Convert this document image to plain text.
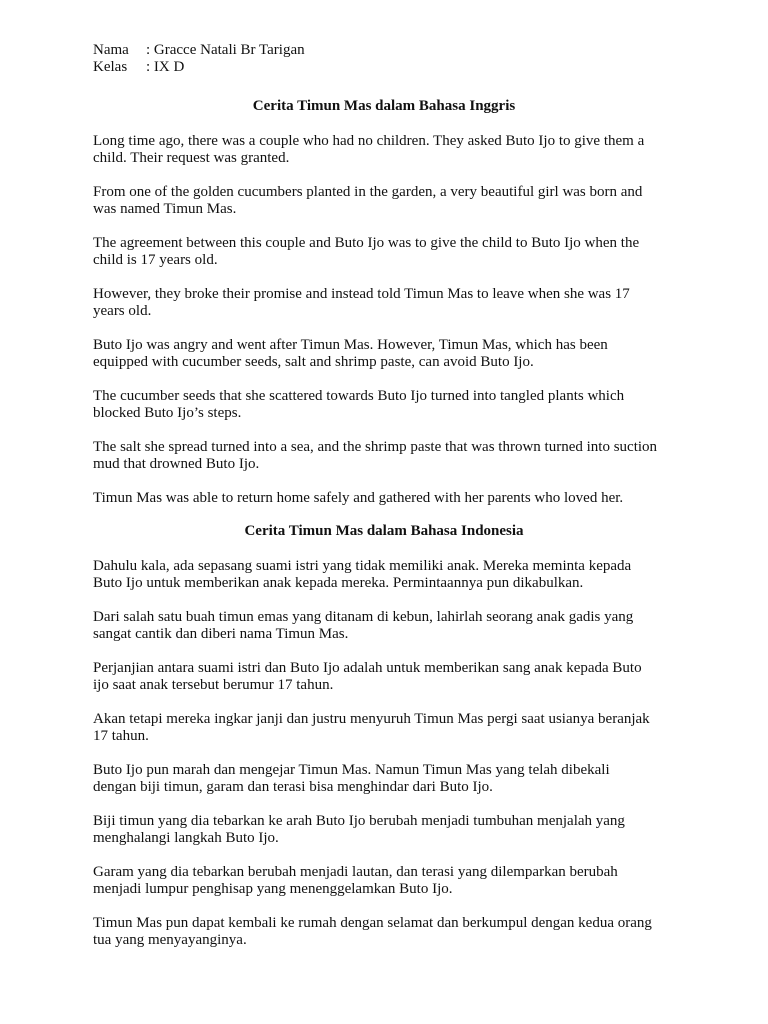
Nama	: Gracce Natali Br Tarigan
Kelas	: IX D
Cerita Timun Mas dalam Bahasa Inggris

Long time ago, there was a couple who had no children. They asked Buto Ijo to give them a
child. Their request was granted.

From one of the golden cucumbers planted in the garden, a very beautiful girl was born and
was named Timun Mas.

The agreement between this couple and Buto Ijo was to give the child to Buto Ijo when the
child is 17 years old.

However, they broke their promise and instead told Timun Mas to leave when she was 17
years old.

Buto Ijo was angry and went after Timun Mas. However, Timun Mas, which has been
equipped with cucumber seeds, salt and shrimp paste, can avoid Buto Ijo.

The cucumber seeds that she scattered towards Buto Ijo turned into tangled plants which
blocked Buto Ijo’s steps.

The salt she spread turned into a sea, and the shrimp paste that was thrown turned into suction
mud that drowned Buto Ijo.

Timun Mas was able to return home safely and gathered with her parents who loved her.

Cerita Timun Mas dalam Bahasa Indonesia

Dahulu kala, ada sepasang suami istri yang tidak memiliki anak. Mereka meminta kepada
Buto Ijo untuk memberikan anak kepada mereka. Permintaannya pun dikabulkan.

Dari salah satu buah timun emas yang ditanam di kebun, lahirlah seorang anak gadis yang
sangat cantik dan diberi nama Timun Mas.

Perjanjian antara suami istri dan Buto Ijo adalah untuk memberikan sang anak kepada Buto
ijo saat anak tersebut berumur 17 tahun.

Akan tetapi mereka ingkar janji dan justru menyuruh Timun Mas pergi saat usianya beranjak
17 tahun.

Buto Ijo pun marah dan mengejar Timun Mas. Namun Timun Mas yang telah dibekali
dengan biji timun, garam dan terasi bisa menghindar dari Buto Ijo.

Biji timun yang dia tebarkan ke arah Buto Ijo berubah menjadi tumbuhan menjalah yang
menghalangi langkah Buto Ijo.

Garam yang dia tebarkan berubah menjadi lautan, dan terasi yang dilemparkan berubah
menjadi lumpur penghisap yang menenggelamkan Buto Ijo.

Timun Mas pun dapat kembali ke rumah dengan selamat dan berkumpul dengan kedua orang
tua yang menyayanginya.
